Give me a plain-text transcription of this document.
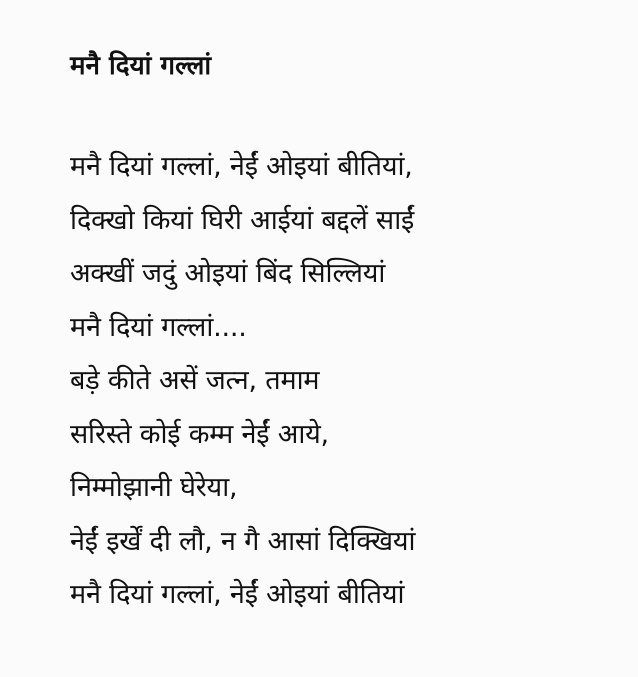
मनै दियां गल्लां
मनै दियां गल्लां, नेईं ओइयां बीतियां,
दिक्खो कियां घिरी आईयां बद्दलें साईं
अक्खीं जदुं ओइयां बिंद सिल्लियां
मनै दियां गल्लां....
बड़े कीते असें जत्न, तमाम
सरिस्ते कोई कम्म नेईं आये,
निम्मोझानी घेरेया,
नेईं इर्खें दी लौ, न गै आसां दिक्खियां
मनै दियां गल्लां, नेईं ओइयां बीतियां
